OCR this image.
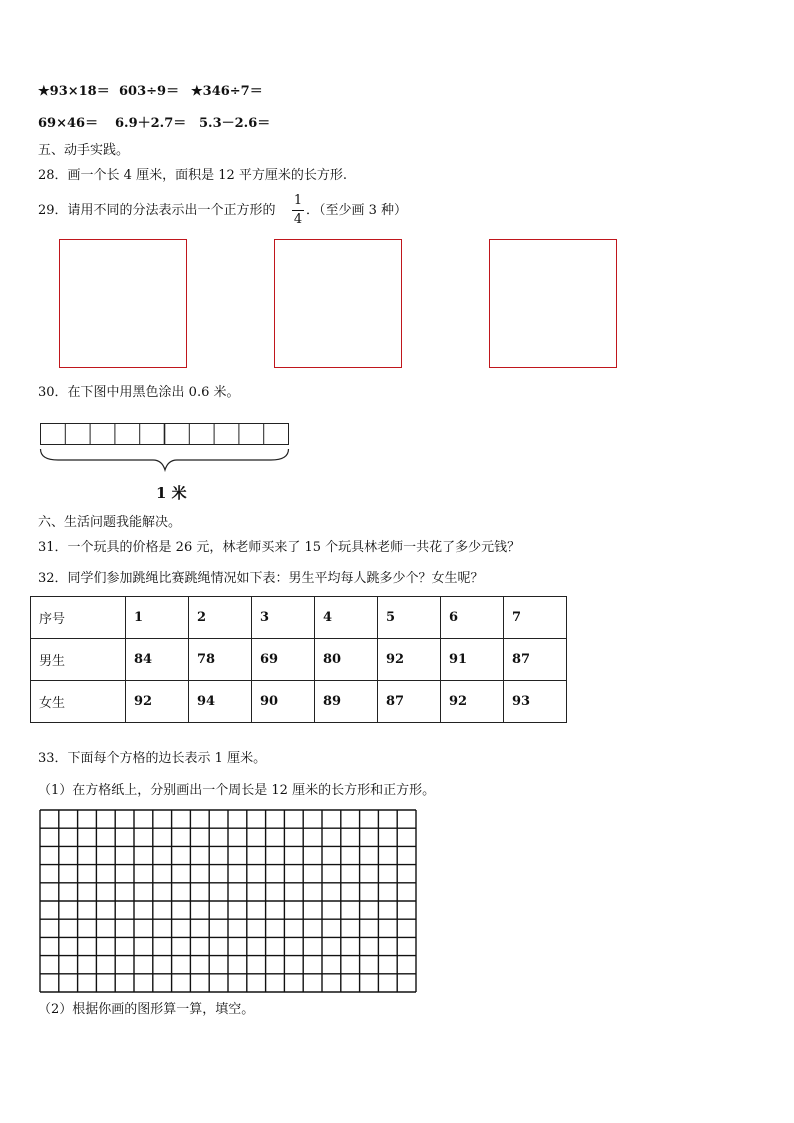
★93×18＝ 603÷9＝ ★346÷7＝
69×46＝ 6.9＋2.7＝ 5.3－2.6＝
五、动手实践。
28．画一个长 4 厘米，面积是 12 平方厘米的长方形.
29．请用不同的分法表示出一个正方形的
1
4
．（至少画 3 种）
30．在下图中用黑色涂出 0.6 米。
1 米
六、生活问题我能解决。
31．一个玩具的价格是 26 元，林老师买来了 15 个玩具林老师一共花了多少元钱？
32．同学们参加跳绳比赛跳绳情况如下表：男生平均每人跳多少个？女生呢？
序号	1	2	3	4	5	6	7
男生	84	78	69	80	92	91	87
女生	92	94	90	89	87	92	93
33．下面每个方格的边长表示 1 厘米。
（1）在方格纸上，分别画出一个周长是 12 厘米的长方形和正方形。
（2）根据你画的图形算一算，填空。
